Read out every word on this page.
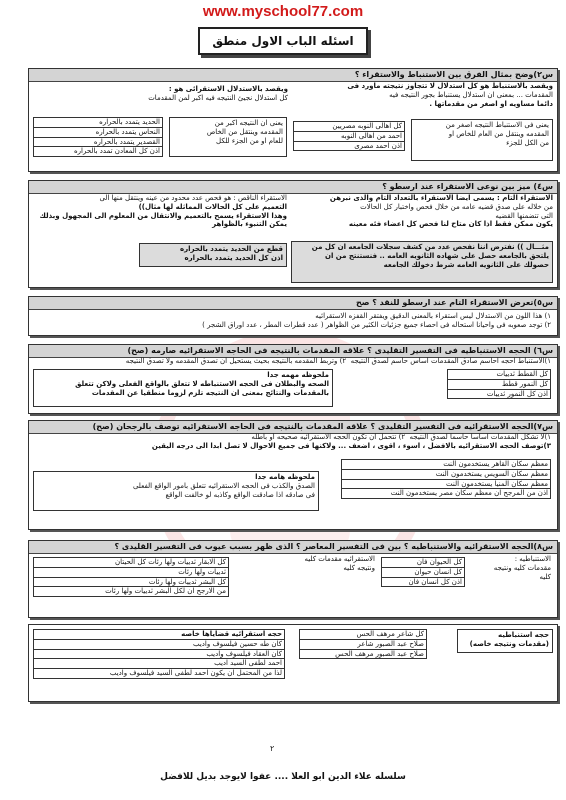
www.myschool77.com
اسئله الباب الاول منطق
س٢)وضح بمثال الفرق بين الاستنباط والاستقراء ؟
ويقصد بالاستنباط هو كل استدلال لا تتجاوز نتيجته ماورد فى
المقدمات ... بمعنى ان استدلال يستنباط بجور النتيجه فيه
دائما مساويه او اصغر من مقدماتها .
يعنى فى الاستنباط النتيجه اصغر من
المقدمه وينتقل من العام للخاص او
من الكل للجزء
كل اهالى النوبه مصريين
احمد من اهالى النوبه
اذن احمد مصرى
ويقصد بالاستدلال الاستقرائى هو :
كل استدلال نجيئ النتيجه فيه اكبر لمن المقدمات
يعنى ان النتيجه اكبر من
المقدمه وينتقل من الخاص
للعام او من الجزء للكل
الحديد يتمدد بالحراره
النحاس يتمدد بالحراره
القصدير يتمدد بالحراره
اذن كل المعادن تمدد بالحراره
س٤) ميز بين نوعى الاستقراء عند ارسطو ؟
الاستقراء التام : يسمى ايضا الاستقراء بالتعداد التام والذى نبرهن
من خلاله على صدق قضيه عامه من خلال فحص واختبار كل الحالات
التى تتضمنها القضيه
يكون ممكن فقط اذا كان متاح لنا فحص كل اعضاء فئه معينه
مثـــال )) نفترض اننا نفحص عدد من كشف سجلات الجامعه ان كل من
يلتحق بالجامعه حصل على شهاده الثانويه العامه .. فنستنتج من ان
حصولك على الثانويه العامه شرط دخولك الجامعه
الاستقراء الناقص : هو فحص عدد محدود من عينه وينتقل منها الى
التعميم على كل الحالات المماثله لها مثال))
وهذا الاستقراء يسمح بالتعميم والانتقال من المعلوم الى المجهول وبذلك
يمكن التنبوء بالظواهر
قطع من الحديد يتمدد بالحراره
اذن كل الحديد يتمدد بالحراره
س٥)تعرض الاستقراء التام عند ارسطو للنقد ؟ صح
١) هذا اللون من الاستدلال ليس استقراء بالمعنى الدقيق ويفتقر القفزه الاستقرائيه
٢) توجد صعوبه فى واحيانا استحاله فى احصاء جميع جزئيات الكثير من الظواهر ( عدد قطرات المطر ، عدد اوراق الشجر )
س٦) الحجه الاستنباطيه فى التفسير التقليدى ؟ علاقه المقدمات بالنتيجه فى الحاجه الاستقرائيه صارمه (صح)
١)الاستنباط احجه احاسم صادق المقدمات اساس حاسم لصدق النتيجه  ٢) وتربط المقدمه بالنتيجه بحيث يستحيل ان تصدق المقدمه ولا تصدق النتيجه
كل القطط ثدييات
كل النمور قطط
اذن كل النمور ثدييات
ملحوظه مهمه جدا
الصحه والبطلان فى الحجه الاستنباطه لا تتعلق بالواقع الفعلى ولاكن تتعلق
بالمقدمات والنتائج بمعنى ان النتيجه تلزم لزوما منطقيا عن المقدمات
س٧)الحجه الاستقرائيه فى التفسير التقليدى ؟ علاقه المقدمات بالنتيجه فى الحاجه الاستقرائيه توصف بالرجحان (صح)
١)لا تشكل المقدمات اساسا حاسما لصدق النتيجه  ٢) تتحمل ان تكون الحجه الاستقرائيه صحيحه او باطله
٣)توصف الحجه الاستقرائيه بالافضل ، اسوء ، اقوى ، اضعف ... ولاكنها فى جميع الاحوال لا تصل ابدا الى درجه اليقين
معظم سكان القاهر يستخدمون النت
معظم سكان السويس يستخدمون النت
معظم سكان المنيا يستخدمون النت
اذن من المرجح ان معظم سكان مصر يستخدمون النت
ملحوظه هامه جدا
الصدق والكذب فى الحجه الاستقرائيه تتعلق بامور الواقع الفعلى
فى صادقه اذا صادقت الواقع وكاذبه لو خالفت الواقع
س٨)الحجه الاستقرائيه والاستنباطيه ؟ بين فى التفسير المعاصر ؟ الذى ظهر بسبب عيوب فى التفسير القليدى ؟
الاستنباطيه :
مقدمات كليه ونتيجه
كليه
كل الحيوان فان
كل انسان حيوان
اذن كل انسان فان
الاستقرائيه مقدمات كليه
ونتيجه كليه
كل الابقار ثدييات ولها رئات كل الحيتان
ثدييات ولها رئات
كل البشر ثدييات ولها رئات
من الارجح ان لكل البشر ثدييات ولها رئات
حجه استنباطيه
(مقدمات ونتيجه خاصه)
كل شاعر مرهف الحس
صلاح عبد الصبور شاعر
صلاح عبد الصبور مرهف الحس
حجه استقرائيه قضاياها خاصه
كان طه حسين فيلسوف واديب
كان العقاد فيلسوف واديب
احمد لطفى السيد اديب
لذا من المحتمل ان يكون احمد لطفى السيد فيلسوف واديب
٢
سلسله علاء الدين ابو العلا .... عفوا لايوجد بديل للافضل
